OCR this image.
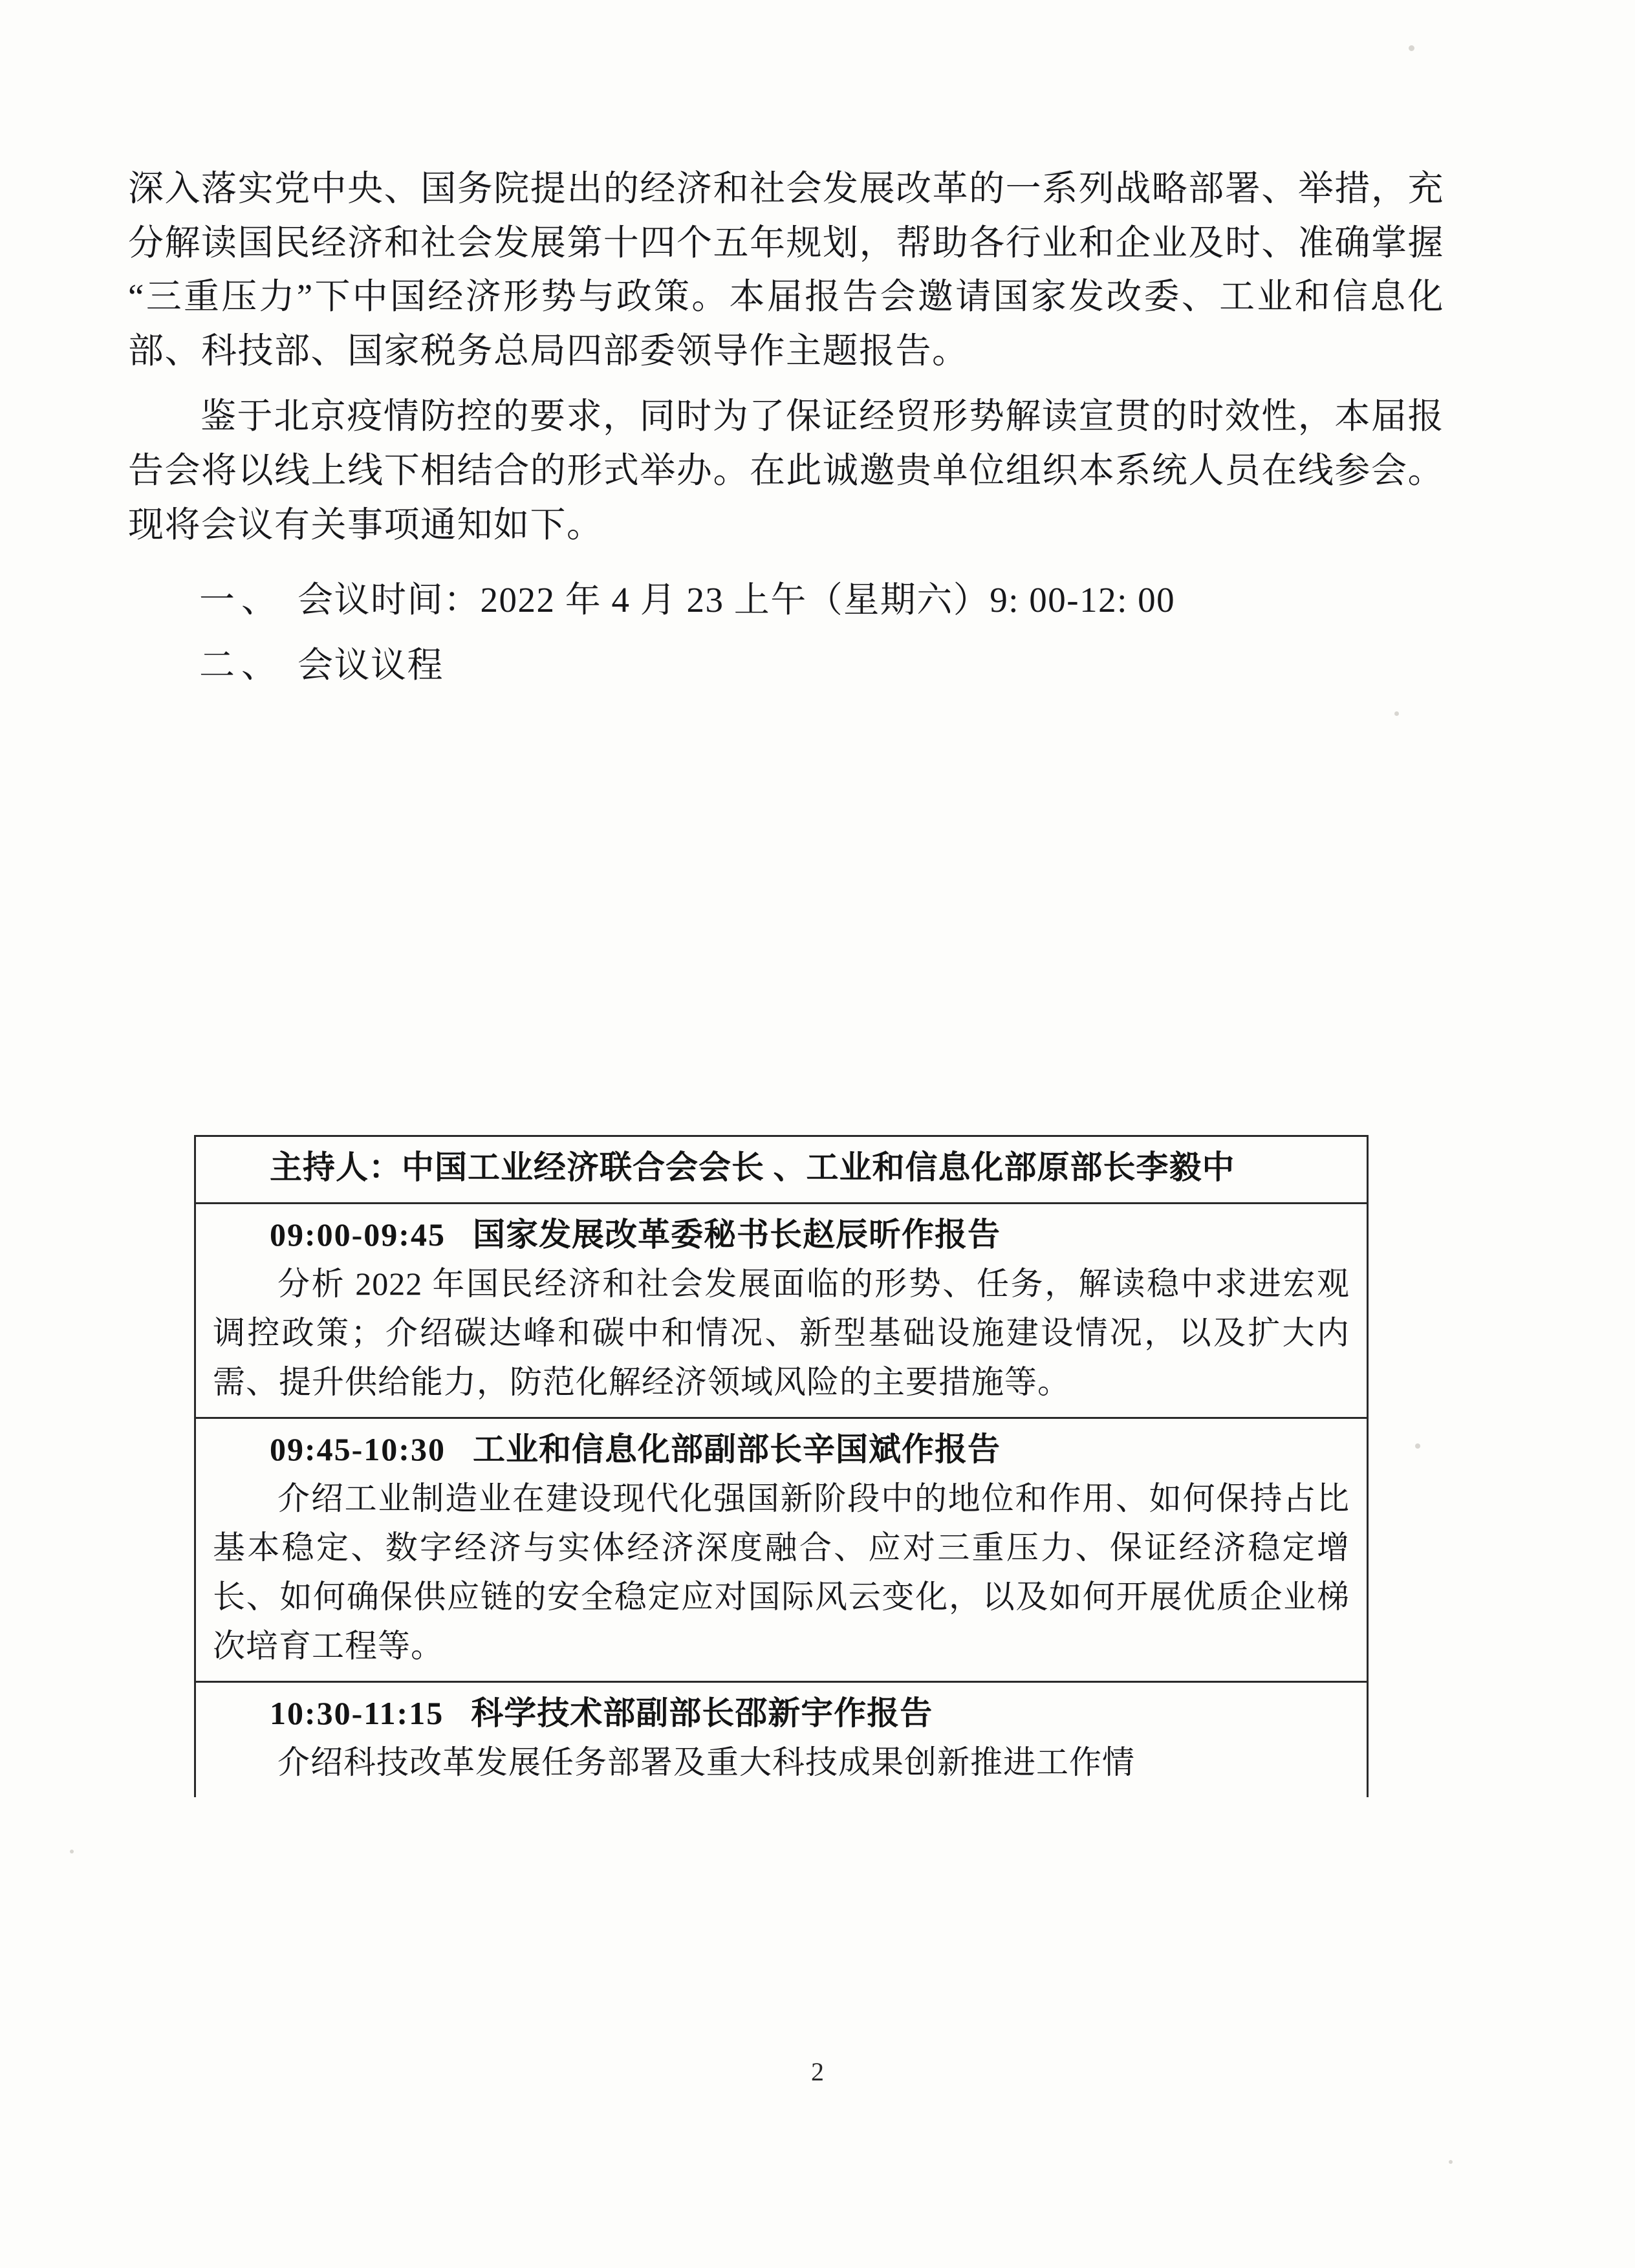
深入落实党中央、国务院提出的经济和社会发展改革的一系列战略部署、举措，充分解读国民经济和社会发展第十四个五年规划，帮助各行业和企业及时、准确掌握“三重压力”下中国经济形势与政策。本届报告会邀请国家发改委、工业和信息化部、科技部、国家税务总局四部委领导作主题报告。

鉴于北京疫情防控的要求，同时为了保证经贸形势解读宣贯的时效性，本届报告会将以线上线下相结合的形式举办。在此诚邀贵单位组织本系统人员在线参会。现将会议有关事项通知如下。

一、 会议时间：2022 年 4 月 23 上午（星期六）9: 00-12: 00

二、 会议议程

主持人：中国工业经济联合会会长 、工业和信息化部原部长李毅中
09:00-09:45 国家发展改革委秘书长赵辰昕作报告
分析 2022 年国民经济和社会发展面临的形势、任务，解读稳中求进宏观调控政策；介绍碳达峰和碳中和情况、新型基础设施建设情况，以及扩大内需、提升供给能力，防范化解经济领域风险的主要措施等。
09:45-10:30 工业和信息化部副部长辛国斌作报告
介绍工业制造业在建设现代化强国新阶段中的地位和作用、如何保持占比基本稳定、数字经济与实体经济深度融合、应对三重压力、保证经济稳定增长、如何确保供应链的安全稳定应对国际风云变化，以及如何开展优质企业梯次培育工程等。
10:30-11:15 科学技术部副部长邵新宇作报告
介绍科技改革发展任务部署及重大科技成果创新推进工作情
2
